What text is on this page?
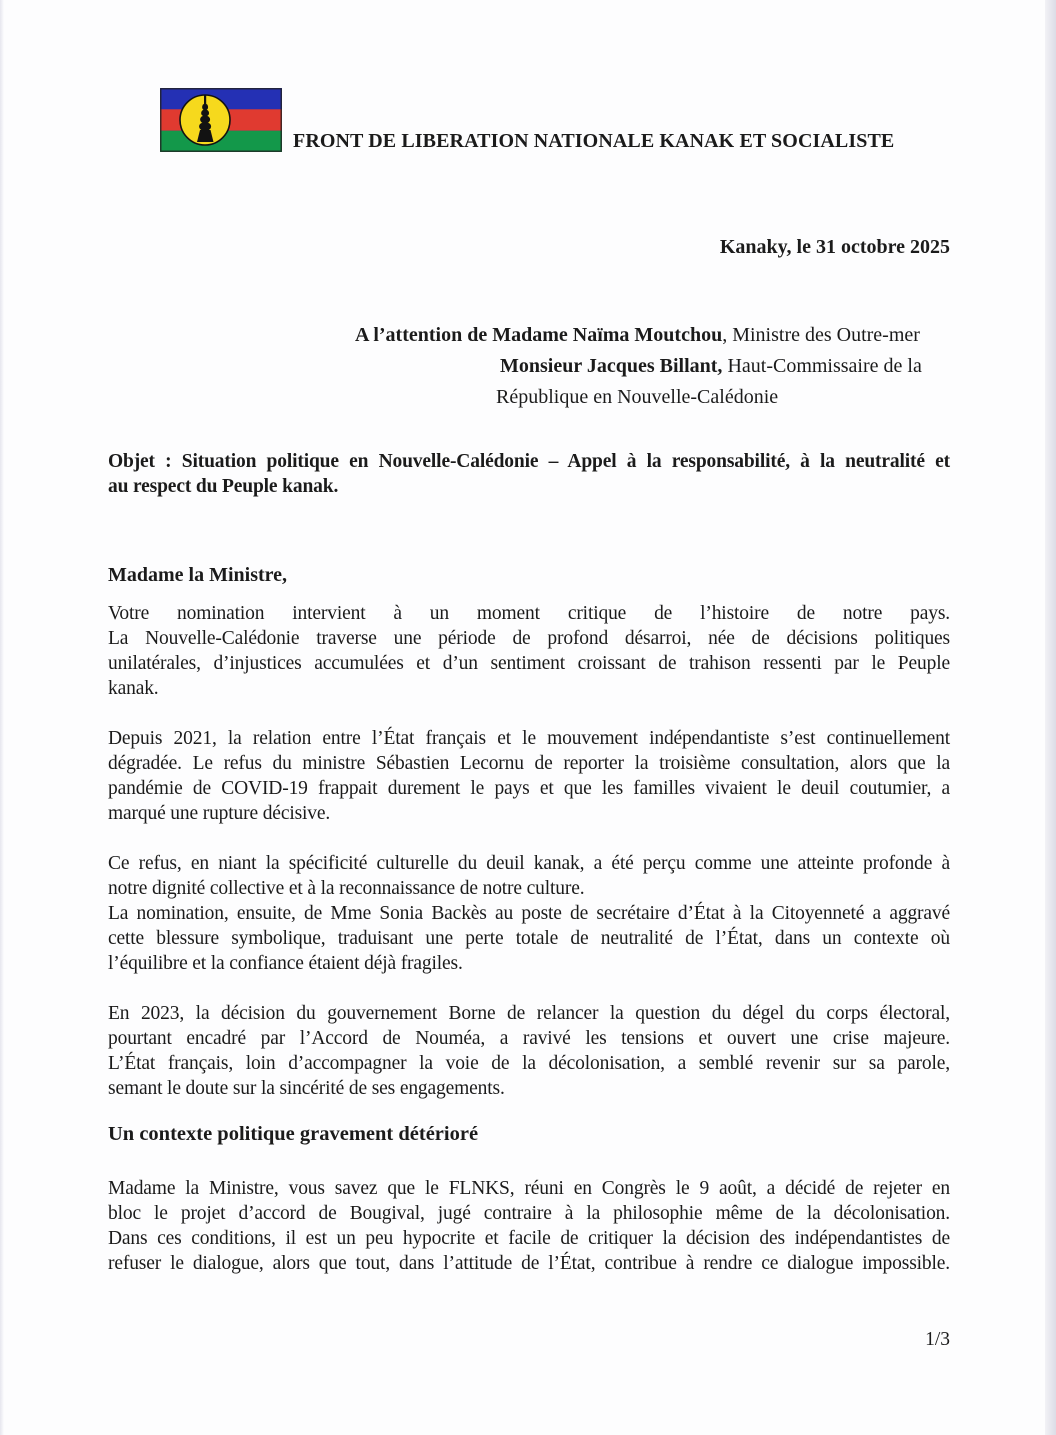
FRONT DE LIBERATION NATIONALE KANAK ET SOCIALISTE
Kanaky, le 31 octobre 2025
A l’attention de Madame Naïma Moutchou, Ministre des Outre-mer
Monsieur Jacques Billant, Haut-Commissaire de la
République en Nouvelle-Calédonie
Objet : Situation politique en Nouvelle-Calédonie – Appel à la responsabilité, à la neutralité et
au respect du Peuple kanak.
Madame la Ministre,
Votre nomination intervient à un moment critique de l’histoire de notre pays.
La Nouvelle-Calédonie traverse une période de profond désarroi, née de décisions politiques
unilatérales, d’injustices accumulées et d’un sentiment croissant de trahison ressenti par le Peuple
kanak.
Depuis 2021, la relation entre l’État français et le mouvement indépendantiste s’est continuellement
dégradée. Le refus du ministre Sébastien Lecornu de reporter la troisième consultation, alors que la
pandémie de COVID-19 frappait durement le pays et que les familles vivaient le deuil coutumier, a
marqué une rupture décisive.
Ce refus, en niant la spécificité culturelle du deuil kanak, a été perçu comme une atteinte profonde à
notre dignité collective et à la reconnaissance de notre culture.
La nomination, ensuite, de Mme Sonia Backès au poste de secrétaire d’État à la Citoyenneté a aggravé
cette blessure symbolique, traduisant une perte totale de neutralité de l’État, dans un contexte où
l’équilibre et la confiance étaient déjà fragiles.
En 2023, la décision du gouvernement Borne de relancer la question du dégel du corps électoral,
pourtant encadré par l’Accord de Nouméa, a ravivé les tensions et ouvert une crise majeure.
L’État français, loin d’accompagner la voie de la décolonisation, a semblé revenir sur sa parole,
semant le doute sur la sincérité de ses engagements.
Un contexte politique gravement détérioré
Madame la Ministre, vous savez que le FLNKS, réuni en Congrès le 9 août, a décidé de rejeter en
bloc le projet d’accord de Bougival, jugé contraire à la philosophie même de la décolonisation.
Dans ces conditions, il est un peu hypocrite et facile de critiquer la décision des indépendantistes de
refuser le dialogue, alors que tout, dans l’attitude de l’État, contribue à rendre ce dialogue impossible.
1/3
